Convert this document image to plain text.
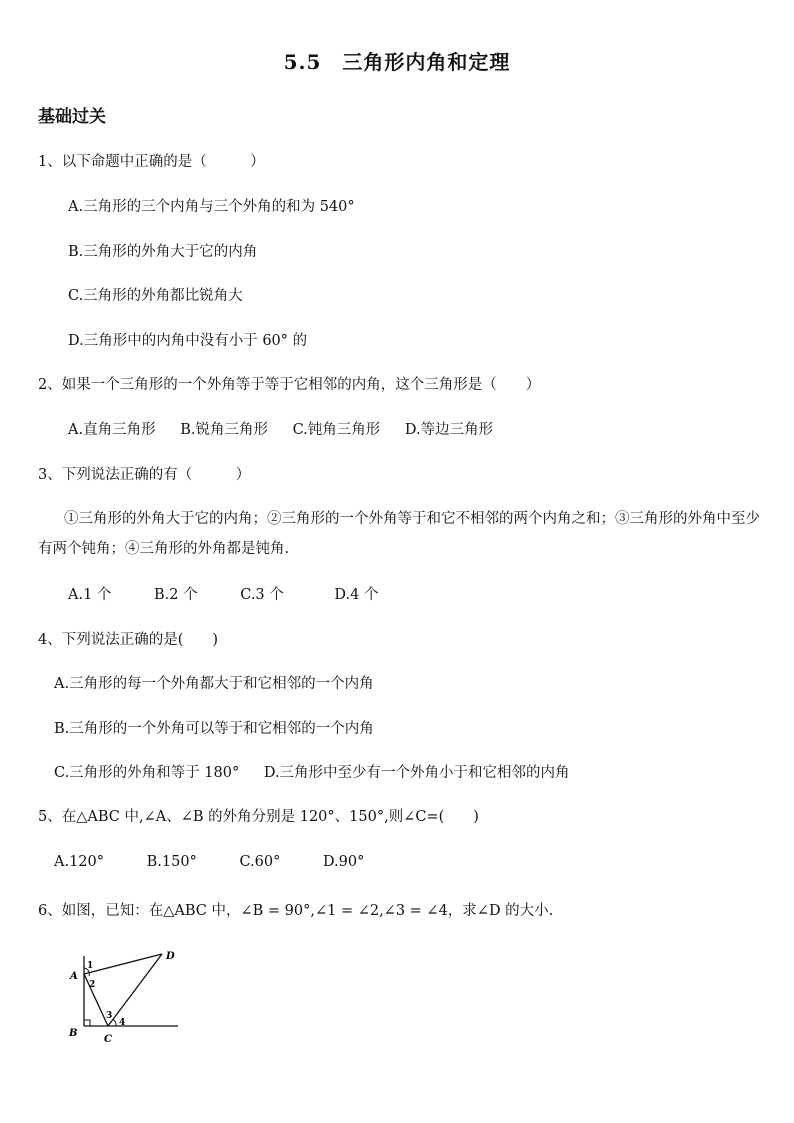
5.5　三角形内角和定理
基础过关
1、以下命题中正确的是（　　　）
A.三角形的三个内角与三个外角的和为 540°
B.三角形的外角大于它的内角
C.三角形的外角都比锐角大
D.三角形中的内角中没有小于 60° 的
2、如果一个三角形的一个外角等于等于它相邻的内角，这个三角形是（　　）
A.直角三角形 B.锐角三角形 C.钝角三角形 D.等边三角形
3、下列说法正确的有（　　　）
①三角形的外角大于它的内角；②三角形的一个外角等于和它不相邻的两个内角之和；③三角形的外角中至少有两个钝角；④三角形的外角都是钝角.
A.1 个	B.2 个	C.3 个	D.4 个
4、下列说法正确的是(　　)
A.三角形的每一个外角都大于和它相邻的一个内角
B.三角形的一个外角可以等于和它相邻的一个内角
C.三角形的外角和等于 180° D.三角形中至少有一个外角小于和它相邻的内角
5、在△ABC 中,∠A、∠B 的外角分别是 120°、150°,则∠C=(　　)
A.120°	B.150°	C.60°	D.90°
6、如图，已知：在△ABC 中，∠B = 90°,∠1 = ∠2,∠3 = ∠4，求∠D 的大小.
A
B
C
D
1
2
3
4
